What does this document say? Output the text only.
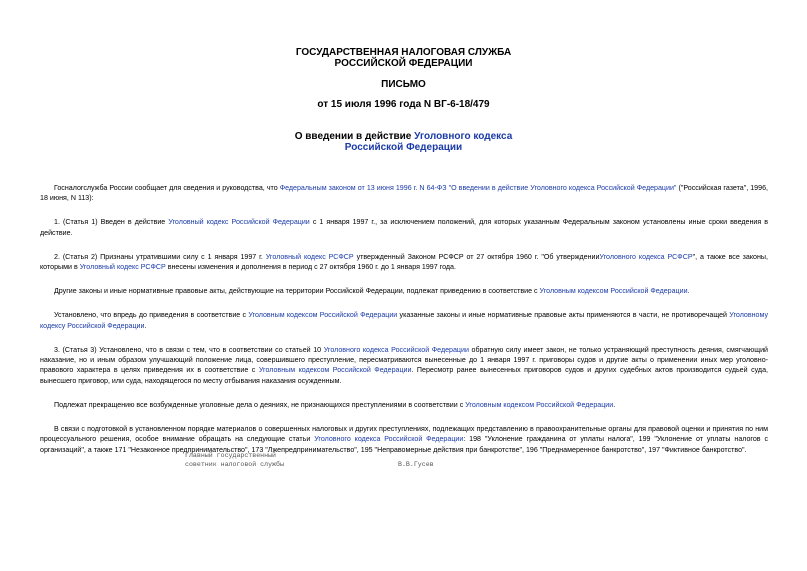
ГОСУДАРСТВЕННАЯ НАЛОГОВАЯ СЛУЖБА
РОССИЙСКОЙ ФЕДЕРАЦИИ
ПИСЬМО
от 15 июля 1996 года N ВГ-6-18/479
О введении в действие Уголовного кодекса
Российской Федерации

Госналогслужба России сообщает для сведения и руководства, что Федеральным законом от 13 июня 1996 г. N 64-ФЗ "О введении в действие Уголовного кодекса Российской Федерации" ("Российская газета", 1996, 18 июня, N 113):

1. (Статья 1) Введен в действие Уголовный кодекс Российской Федерации с 1 января 1997 г., за исключением положений, для которых указанным Федеральным законом установлены иные сроки введения в действие.

2. (Статья 2) Признаны утратившими силу с 1 января 1997 г. Уголовный кодекс РСФСР утвержденный Законом РСФСР от 27 октября 1960 г. "Об утвержденииУголовного кодекса РСФСР", а также все законы, которыми в Уголовный кодекс РСФСР внесены изменения и дополнения в период с 27 октября 1960 г. до 1 января 1997 года.

Другие законы и иные нормативные правовые акты, действующие на территории Российской Федерации, подлежат приведению в соответствие с Уголовным кодексом Российской Федерации.

Установлено, что впредь до приведения в соответствие с Уголовным кодексом Российской Федерации указанные законы и иные нормативные правовые акты применяются в части, не противоречащей Уголовному кодексу Российской Федерации.

3. (Статья 3) Установлено, что в связи с тем, что в соответствии со статьей 10 Уголовного кодекса Российской Федерации обратную силу имеет закон, не только устраняющий преступность деяния, смягчающий наказание, но и иным образом улучшающий положение лица, совершившего преступление, пересматриваются вынесенные до 1 января 1997 г. приговоры судов и другие акты о применении иных мер уголовно-правового характера в целях приведения их в соответствие с Уголовным кодексом Российской Федерации. Пересмотр ранее вынесенных приговоров судов и других судебных актов производится судьей суда, вынесшего приговор, или суда, находящегося по месту отбывания наказания осужденным.

Подлежат прекращению все возбужденные уголовные дела о деяниях, не признающихся преступлениями в соответствии с Уголовным кодексом Российской Федерации.

В связи с подготовкой в установленном порядке материалов о совершенных налоговых и других преступлениях, подлежащих представлению в правоохранительные органы для правовой оценки и принятия по ним процессуального решения, особое внимание обращать на следующие статьи Уголовного кодекса Российской Федерации: 198 "Уклонение гражданина от уплаты налога", 199 "Уклонение от уплаты налогов с организаций", а также 171 "Незаконное предпринимательство", 173 "Лжепредпринимательство", 195 "Неправомерные действия при банкротстве", 196 "Преднамеренное банкротство", 197 "Фиктивное банкротство".

Главный государственный
советник налоговой службы	В.В.Гусев
